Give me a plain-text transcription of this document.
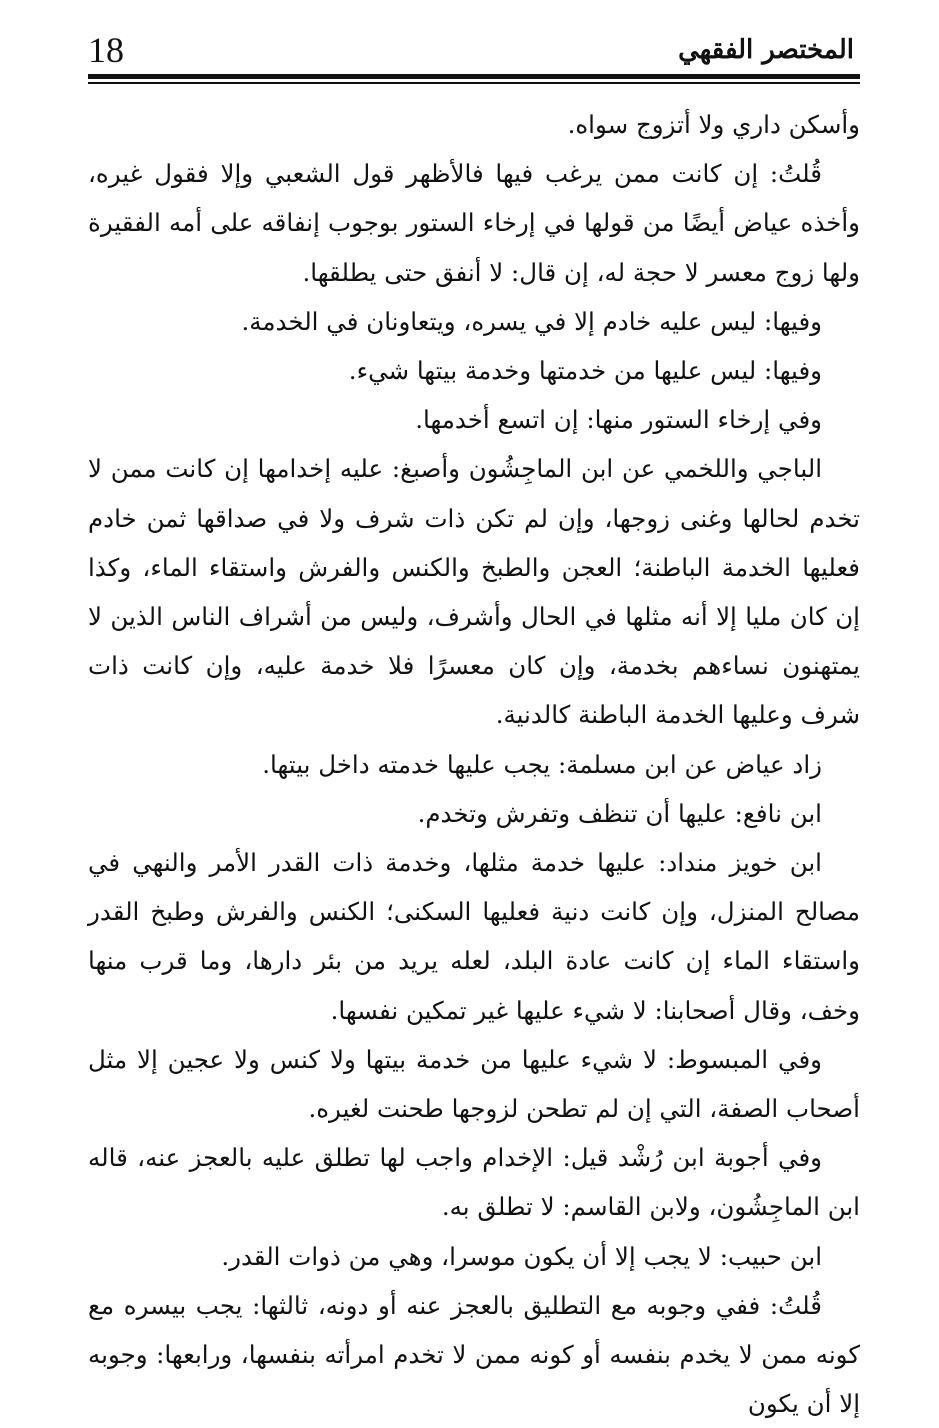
18	المختصر الفقهي

وأسكن داري ولا أتزوج سواه.

قُلتُ: إن كانت ممن يرغب فيها فالأظهر قول الشعبي وإلا فقول غيره، وأخذه عياض أيضًا من قولها في إرخاء الستور بوجوب إنفاقه على أمه الفقيرة ولها زوج معسر لا حجة له، إن قال: لا أنفق حتى يطلقها.

وفيها: ليس عليه خادم إلا في يسره، ويتعاونان في الخدمة.

وفيها: ليس عليها من خدمتها وخدمة بيتها شيء.

وفي إرخاء الستور منها: إن اتسع أخدمها.

الباجي واللخمي عن ابن الماجِشُون وأصبغ: عليه إخدامها إن كانت ممن لا تخدم لحالها وغنى زوجها، وإن لم تكن ذات شرف ولا في صداقها ثمن خادم فعليها الخدمة الباطنة؛ العجن والطبخ والكنس والفرش واستقاء الماء، وكذا إن كان مليا إلا أنه مثلها في الحال وأشرف، وليس من أشراف الناس الذين لا يمتهنون نساءهم بخدمة، وإن كان معسرًا فلا خدمة عليه، وإن كانت ذات شرف وعليها الخدمة الباطنة كالدنية.

زاد عياض عن ابن مسلمة: يجب عليها خدمته داخل بيتها.

ابن نافع: عليها أن تنظف وتفرش وتخدم.

ابن خويز منداد: عليها خدمة مثلها، وخدمة ذات القدر الأمر والنهي في مصالح المنزل، وإن كانت دنية فعليها السكنى؛ الكنس والفرش وطبخ القدر واستقاء الماء إن كانت عادة البلد، لعله يريد من بئر دارها، وما قرب منها وخف، وقال أصحابنا: لا شيء عليها غير تمكين نفسها.

وفي المبسوط: لا شيء عليها من خدمة بيتها ولا كنس ولا عجين إلا مثل أصحاب الصفة، التي إن لم تطحن لزوجها طحنت لغيره.

وفي أجوبة ابن رُشْد قيل: الإخدام واجب لها تطلق عليه بالعجز عنه، قاله ابن الماجِشُون، ولابن القاسم: لا تطلق به.

ابن حبيب: لا يجب إلا أن يكون موسرا، وهي من ذوات القدر.

قُلتُ: ففي وجوبه مع التطليق بالعجز عنه أو دونه، ثالثها: يجب بيسره مع كونه ممن لا يخدم بنفسه أو كونه ممن لا تخدم امرأته بنفسها، ورابعها: وجوبه إلا أن يكون
